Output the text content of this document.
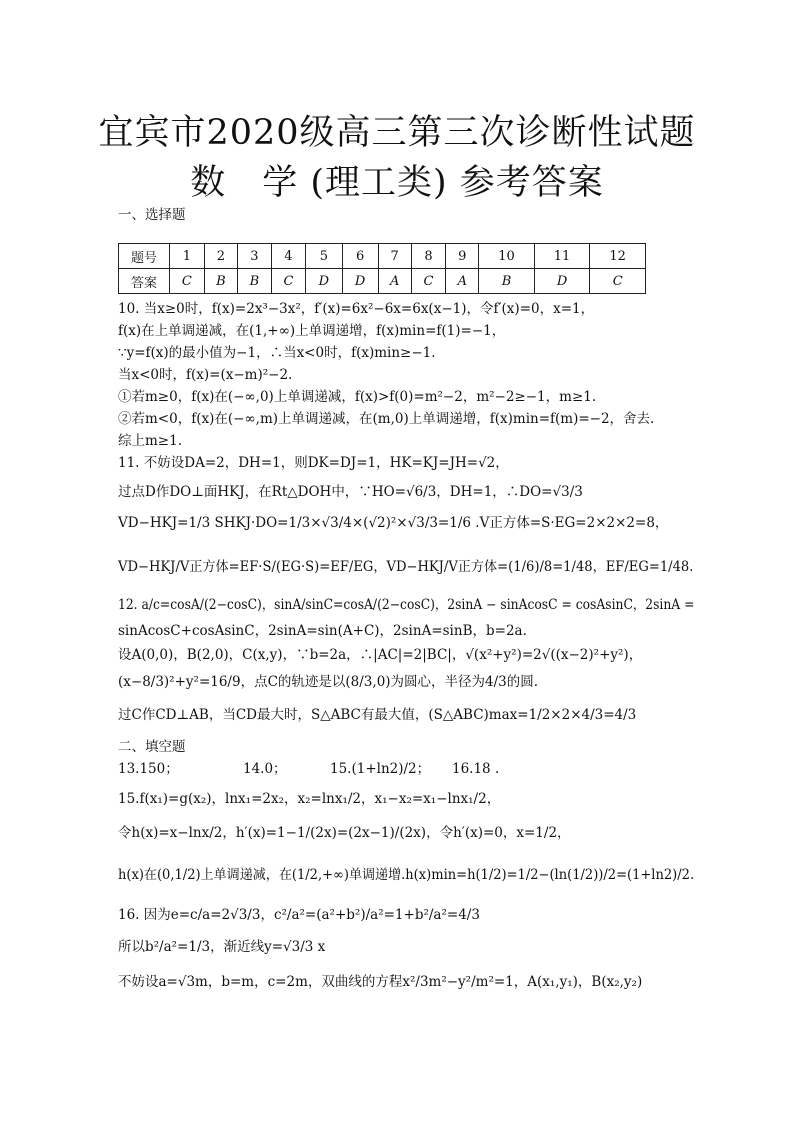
宜宾市2020级高三第三次诊断性试题
数　学 (理工类) 参考答案
一、选择题
题号	1	2	3	4	5	6	7	8	9	10	11	12
答案	C	B	B	C	D	D	A	C	A	B	D	C
10. 当x≥0时，f(x)=2x³−3x²，f′(x)=6x²−6x=6x(x−1)，令f′(x)=0，x=1，
f(x)在上单调递减，在(1,+∞)上单调递增，f(x)min=f(1)=−1，
∵y=f(x)的最小值为−1，∴当x<0时，f(x)min≥−1.
当x<0时，f(x)=(x−m)²−2.
①若m≥0，f(x)在(−∞,0)上单调递减，f(x)>f(0)=m²−2，m²−2≥−1，m≥1.
②若m<0，f(x)在(−∞,m)上单调递减，在(m,0)上单调递增，f(x)min=f(m)=−2，舍去.
综上m≥1.
11. 不妨设DA=2，DH=1，则DK=DJ=1，HK=KJ=JH=√2，
过点D作DO⊥面HKJ，在Rt△DOH中，∵HO=√6/3，DH=1，∴DO=√3/3
VD−HKJ=1/3 SHKJ·DO=1/3×√3/4×(√2)²×√3/3=1/6 .V正方体=S·EG=2×2×2=8，
VD−HKJ/V正方体=EF·S/(EG·S)=EF/EG，VD−HKJ/V正方体=(1/6)/8=1/48，EF/EG=1/48.
12. a/c=cosA/(2−cosC)，sinA/sinC=cosA/(2−cosC)，2sinA − sinAcosC = cosAsinC，2sinA =
sinAcosC+cosAsinC，2sinA=sin(A+C)，2sinA=sinB，b=2a.
设A(0,0)，B(2,0)，C(x,y)，∵b=2a，∴|AC|=2|BC|，√(x²+y²)=2√((x−2)²+y²)，
(x−8/3)²+y²=16/9，点C的轨迹是以(8/3,0)为圆心，半径为4/3的圆.
过C作CD⊥AB，当CD最大时，S△ABC有最大值，(S△ABC)max=1/2×2×4/3=4/3
二、填空题
13.150；	14.0；	15.(1+ln2)/2； 16.18 .
15.f(x₁)=g(x₂)，lnx₁=2x₂，x₂=lnx₁/2，x₁−x₂=x₁−lnx₁/2，
令h(x)=x−lnx/2，h′(x)=1−1/(2x)=(2x−1)/(2x)，令h′(x)=0，x=1/2，
h(x)在(0,1/2)上单调递减，在(1/2,+∞)单调递增.h(x)min=h(1/2)=1/2−(ln(1/2))/2=(1+ln2)/2.
16. 因为e=c/a=2√3/3，c²/a²=(a²+b²)/a²=1+b²/a²=4/3
所以b²/a²=1/3，渐近线y=√3/3 x
不妨设a=√3m，b=m，c=2m，双曲线的方程x²/3m²−y²/m²=1，A(x₁,y₁)，B(x₂,y₂)
